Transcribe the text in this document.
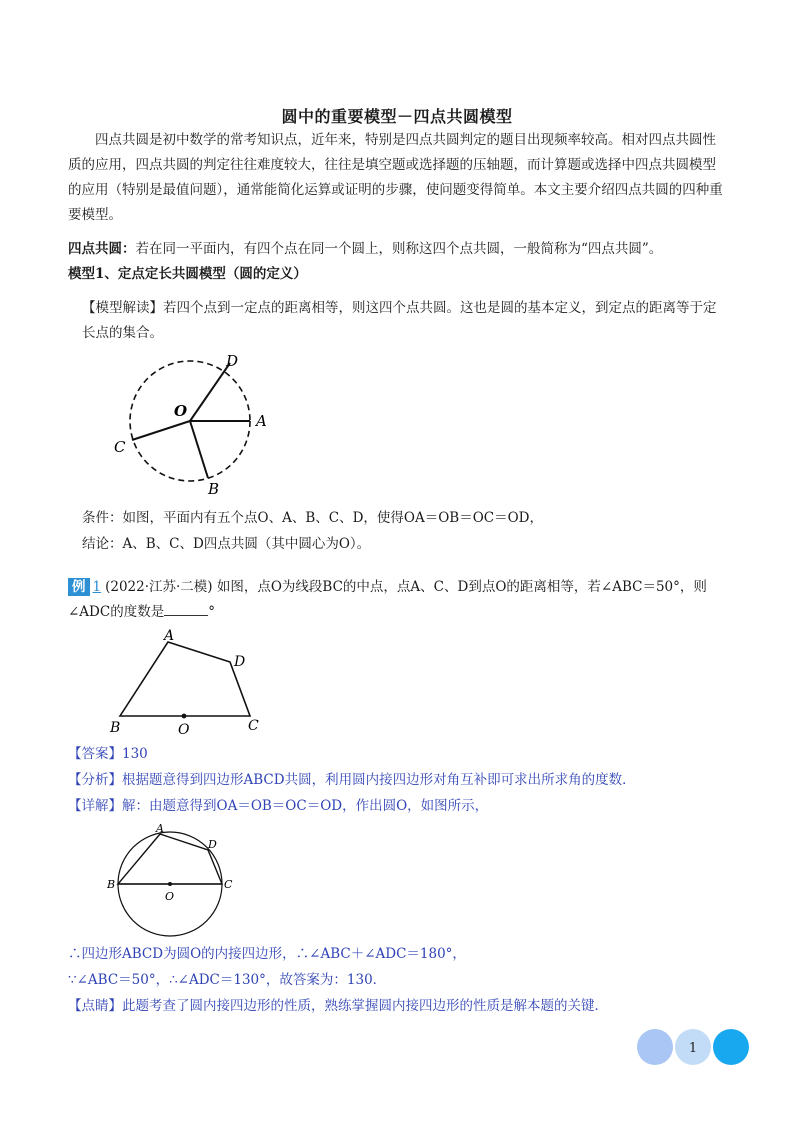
圆中的重要模型－四点共圆模型
四点共圆是初中数学的常考知识点，近年来，特别是四点共圆判定的题目出现频率较高。相对四点共圆性质的应用，四点共圆的判定往往难度较大，往往是填空题或选择题的压轴题，而计算题或选择中四点共圆模型的应用（特别是最值问题），通常能简化运算或证明的步骤，使问题变得简单。本文主要介绍四点共圆的四种重要模型。
四点共圆：若在同一平面内，有四个点在同一个圆上，则称这四个点共圆，一般简称为“四点共圆”。
模型1、定点定长共圆模型（圆的定义）
【模型解读】若四个点到一定点的距离相等，则这四个点共圆。这也是圆的基本定义，到定点的距离等于定长点的集合。
O
A
B
C
D
条件：如图，平面内有五个点O、A、B、C、D，使得OA＝OB＝OC＝OD，
结论：A、B、C、D四点共圆（其中圆心为O）。
例 1 (2022·江苏·二模) 如图，点O为线段BC的中点，点A、C、D到点O的距离相等，若∠ABC＝50°，则
∠ADC的度数是	°
A
B	C
D
O
【答案】130
【分析】根据题意得到四边形ABCD共圆，利用圆内接四边形对角互补即可求出所求角的度数．
【详解】解：由题意得到OA＝OB＝OC＝OD，作出圆O，如图所示，
A
B	C
D
O
∴四边形ABCD为圆O的内接四边形，∴∠ABC＋∠ADC＝180°，
∵∠ABC＝50°，∴∠ADC＝130°，故答案为：130．
【点睛】此题考查了圆内接四边形的性质，熟练掌握圆内接四边形的性质是解本题的关键．
1
